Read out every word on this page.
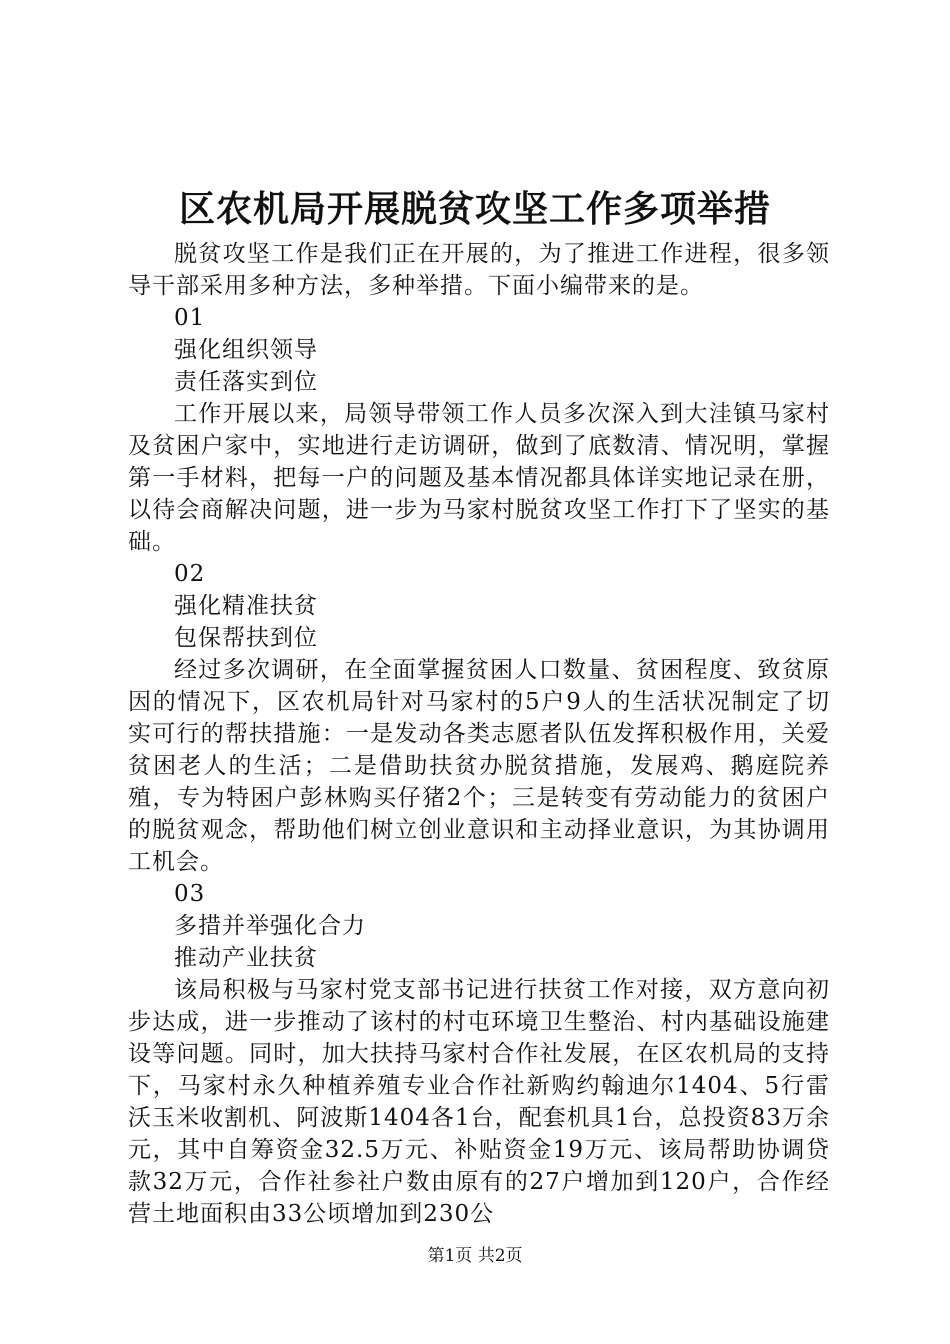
区农机局开展脱贫攻坚工作多项举措

脱贫攻坚工作是我们正在开展的，为了推进工作进程，很多领导干部采用多种方法，多种举措。下面小编带来的是。

01

强化组织领导

责任落实到位

工作开展以来，局领导带领工作人员多次深入到大洼镇马家村及贫困户家中，实地进行走访调研，做到了底数清、情况明，掌握第一手材料，把每一户的问题及基本情况都具体详实地记录在册，以待会商解决问题，进一步为马家村脱贫攻坚工作打下了坚实的基础。

02

强化精准扶贫

包保帮扶到位

经过多次调研，在全面掌握贫困人口数量、贫困程度、致贫原因的情况下，区农机局针对马家村的5户9人的生活状况制定了切实可行的帮扶措施：一是发动各类志愿者队伍发挥积极作用，关爱贫困老人的生活；二是借助扶贫办脱贫措施，发展鸡、鹅庭院养殖，专为特困户彭林购买仔猪2个；三是转变有劳动能力的贫困户的脱贫观念，帮助他们树立创业意识和主动择业意识，为其协调用工机会。

03

多措并举强化合力

推动产业扶贫

该局积极与马家村党支部书记进行扶贫工作对接，双方意向初步达成，进一步推动了该村的村屯环境卫生整治、村内基础设施建设等问题。同时，加大扶持马家村合作社发展，在区农机局的支持下，马家村永久种植养殖专业合作社新购约翰迪尔1404、5行雷沃玉米收割机、阿波斯1404各1台，配套机具1台，总投资83万余元，其中自筹资金32.5万元、补贴资金19万元、该局帮助协调贷款32万元，合作社参社户数由原有的27户增加到120户，合作经营土地面积由33公顷增加到230公

第1页 共2页
